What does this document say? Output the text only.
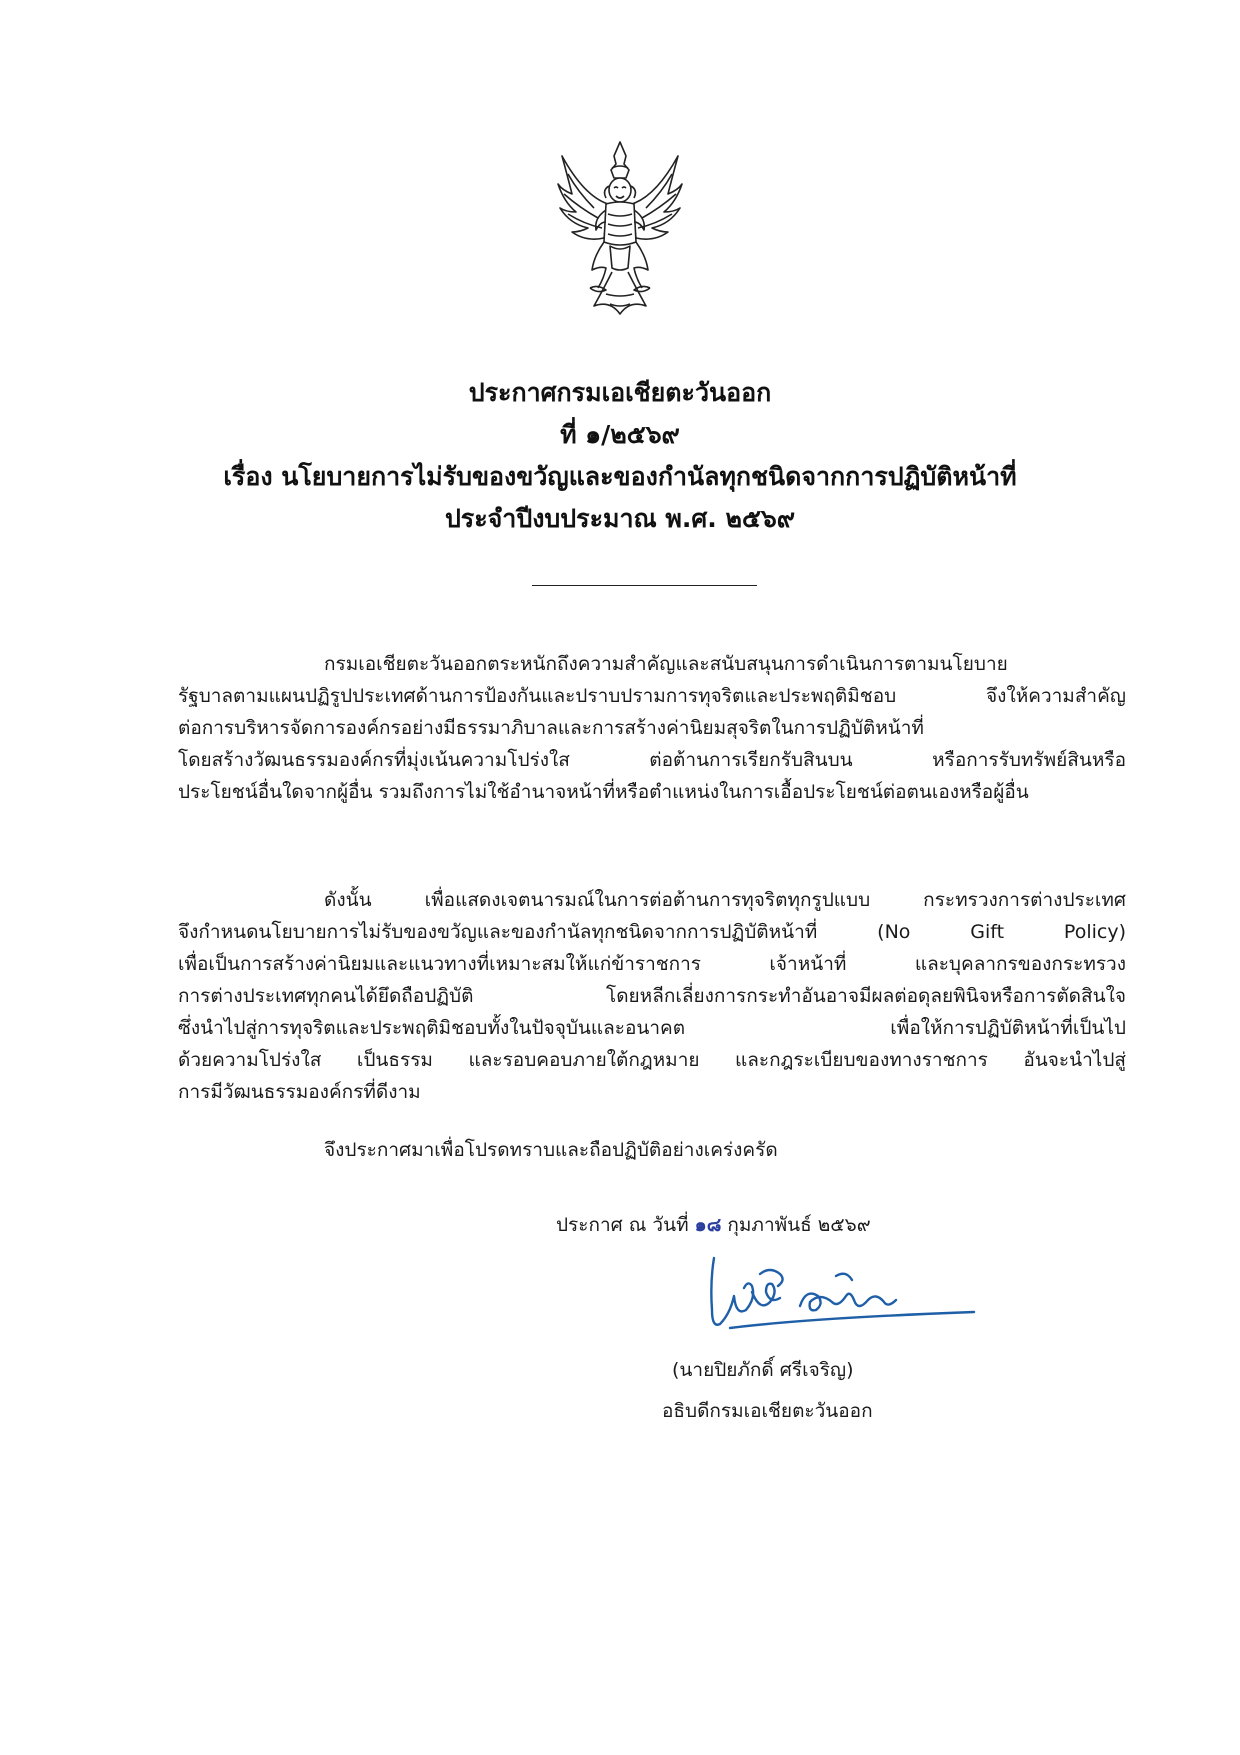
ประกาศกรมเอเชียตะวันออก
ที่ ๑/๒๕๖๙
เรื่อง นโยบายการไม่รับของขวัญและของกำนัลทุกชนิดจากการปฏิบัติหน้าที่
ประจำปีงบประมาณ พ.ศ. ๒๕๖๙
กรมเอเชียตะวันออกตระหนักถึงความสำคัญและสนับสนุนการดำเนินการตามนโยบาย
รัฐบาลตามแผนปฏิรูปประเทศด้านการป้องกันและปราบปรามการทุจริตและประพฤติมิชอบ จึงให้ความสำคัญ
ต่อการบริหารจัดการองค์กรอย่างมีธรรมาภิบาลและการสร้างค่านิยมสุจริตในการปฏิบัติหน้าที่
โดยสร้างวัฒนธรรมองค์กรที่มุ่งเน้นความโปร่งใส ต่อต้านการเรียกรับสินบน หรือการรับทรัพย์สินหรือ
ประโยชน์อื่นใดจากผู้อื่น รวมถึงการไม่ใช้อำนาจหน้าที่หรือตำแหน่งในการเอื้อประโยชน์ต่อตนเองหรือผู้อื่น
ดังนั้น เพื่อแสดงเจตนารมณ์ในการต่อต้านการทุจริตทุกรูปแบบ กระทรวงการต่างประเทศ
จึงกำหนดนโยบายการไม่รับของขวัญและของกำนัลทุกชนิดจากการปฏิบัติหน้าที่ (No Gift Policy)
เพื่อเป็นการสร้างค่านิยมและแนวทางที่เหมาะสมให้แก่ข้าราชการ เจ้าหน้าที่ และบุคลากรของกระทรวง
การต่างประเทศทุกคนได้ยึดถือปฏิบัติ โดยหลีกเลี่ยงการกระทำอันอาจมีผลต่อดุลยพินิจหรือการตัดสินใจ
ซึ่งนำไปสู่การทุจริตและประพฤติมิชอบทั้งในปัจจุบันและอนาคต เพื่อให้การปฏิบัติหน้าที่เป็นไป
ด้วยความโปร่งใส เป็นธรรม และรอบคอบภายใต้กฎหมาย และกฎระเบียบของทางราชการ อันจะนำไปสู่
การมีวัฒนธรรมองค์กรที่ดีงาม
จึงประกาศมาเพื่อโปรดทราบและถือปฏิบัติอย่างเคร่งครัด
ประกาศ ณ วันที่ ๑๘ กุมภาพันธ์ ๒๕๖๙
(นายปิยภักดิ์ ศรีเจริญ)
อธิบดีกรมเอเชียตะวันออก
